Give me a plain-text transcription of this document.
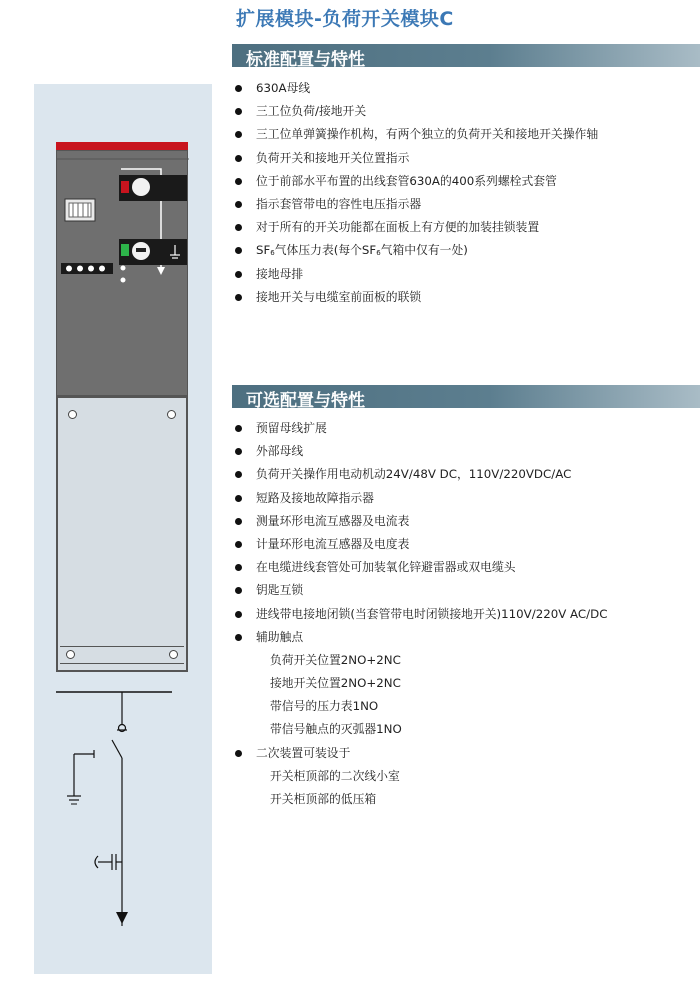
扩展模块-负荷开关模块C
标准配置与特性
630A母线
三工位负荷/接地开关
三工位单弹簧操作机构，有两个独立的负荷开关和接地开关操作轴
负荷开关和接地开关位置指示
位于前部水平布置的出线套管630A的400系列螺栓式套管
指示套管带电的容性电压指示器
对于所有的开关功能都在面板上有方便的加装挂锁装置
$SF_6$气体压力表(每个$SF_6$气箱中仅有一处)
接地母排
接地开关与电缆室前面板的联锁
可选配置与特性
预留母线扩展
外部母线
负荷开关操作用电动机动24V/48V DC，110V/220VDC/AC
短路及接地故障指示器
测量环形电流互感器及电流表
计量环形电流互感器及电度表
在电缆进线套管处可加装氧化锌避雷器或双电缆头
钥匙互锁
进线带电接地闭锁(当套管带电时闭锁接地开关)110V/220V AC/DC
辅助触点
负荷开关位置2NO+2NC
接地开关位置2NO+2NC
带信号的压力表1NO
带信号触点的灭弧器1NO
二次装置可装设于
开关柜顶部的二次线小室
开关柜顶部的低压箱
